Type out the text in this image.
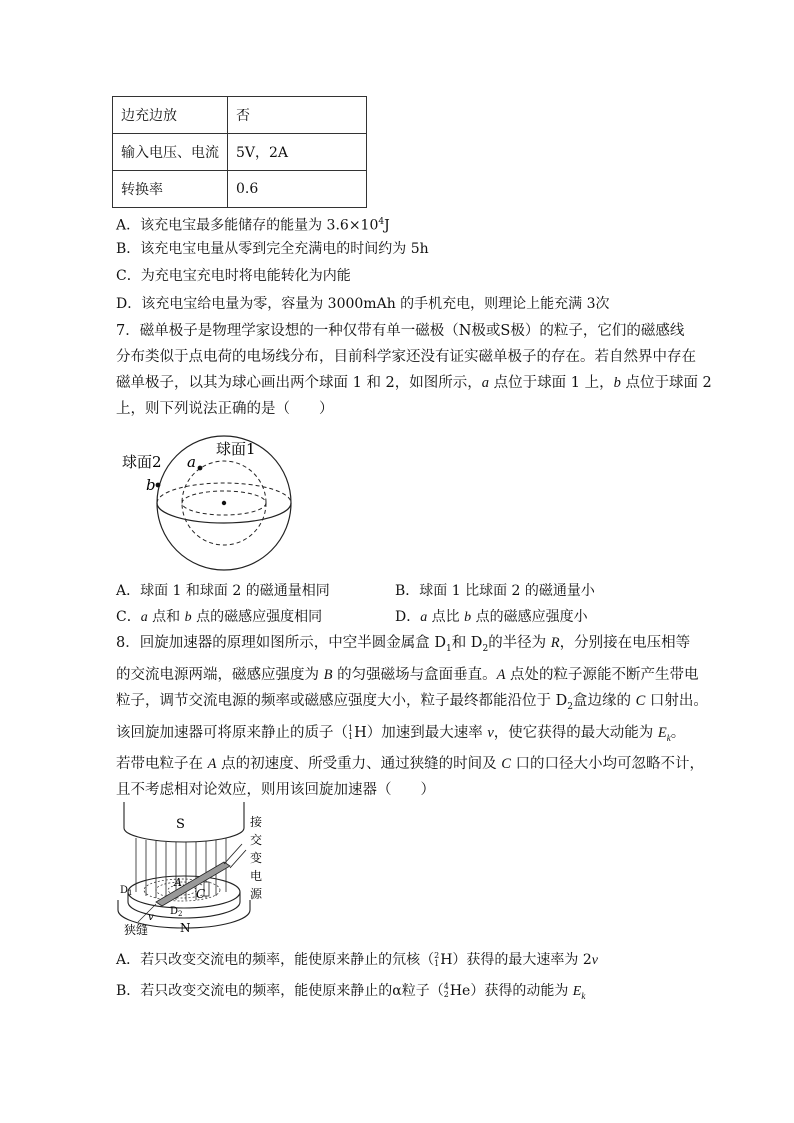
边充边放	否
输入电压、电流	5V，2A
转换率	0.6
A．该充电宝最多能储存的能量为 $3.6\times 10^4J$
B．该充电宝电量从零到完全充满电的时间约为 5h
C．为充电宝充电时将电能转化为内能
D．该充电宝给电量为零，容量为 3000mAh 的手机充电，则理论上能充满 3次
7．磁单极子是物理学家设想的一种仅带有单一磁极（N极或S极）的粒子，它们的磁感线
分布类似于点电荷的电场线分布，目前科学家还没有证实磁单极子的存在。若自然界中存在
磁单极子，以其为球心画出两个球面 1 和 2，如图所示，a 点位于球面 1 上，b 点位于球面 2
上，则下列说法正确的是（　　）
a
b
球面1
球面2
A．球面 1 和球面 2 的磁通量相同	B．球面 1 比球面 2 的磁通量小
C．a 点和 b 点的磁感应强度相同	D．a 点比 b 点的磁感应强度小
8．回旋加速器的原理如图所示，中空半圆金属盒 $D_1$和 $D_2$的半径为 R，分别接在电压相等
的交流电源两端，磁感应强度为 B 的匀强磁场与盒面垂直。A 点处的粒子源能不断产生带电
粒子，调节交流电源的频率或磁感应强度大小，粒子最终都能沿位于 $D_2$盒边缘的 C 口射出。
该回旋加速器可将原来静止的质子（ 1
1 H）加速到最大速率 v，使它获得的最大动能为 $E_k$。
若带电粒子在 A 点的初速度、所受重力、通过狭缝的时间及 C 口的口径大小均可忽略不计，
且不考虑相对论效应，则用该回旋加速器（　　）
S
A
C
$D_1$
$D_2$
v
N
狭缝
接
交
变
电
源
A．若只改变交流电的频率，能使原来静止的氘核（ 2
1 H）获得的最大速率为 2v
B．若只改变交流电的频率，能使原来静止的α粒子（ 4
2 He）获得的动能为 $E_k$
